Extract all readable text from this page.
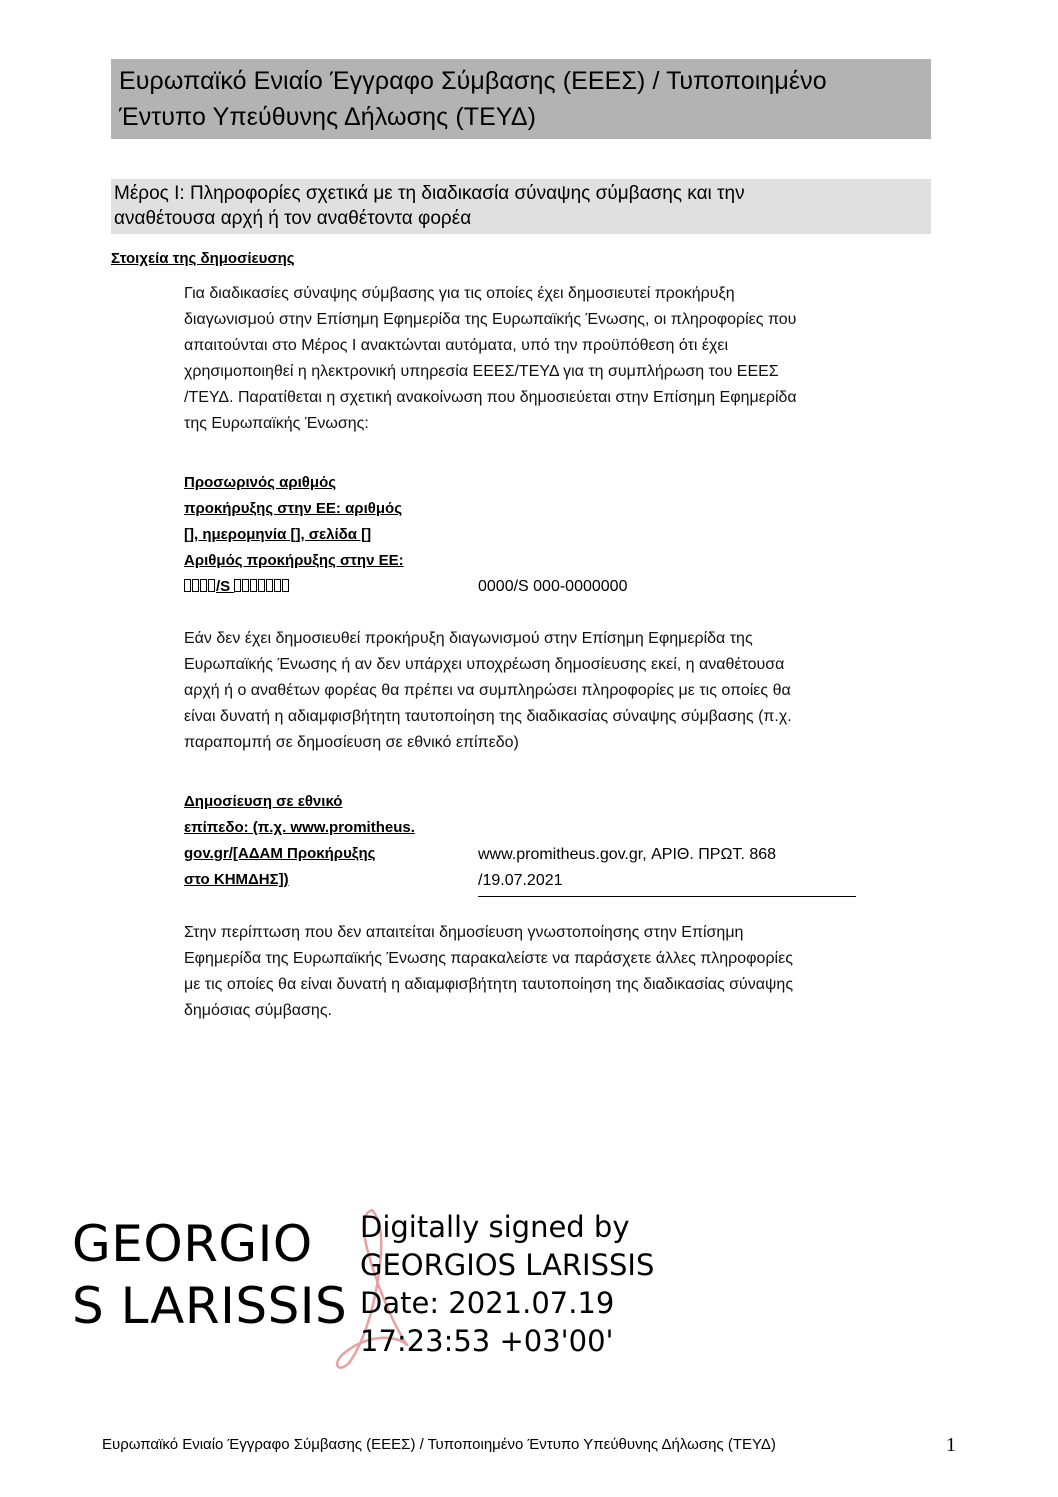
Ευρωπαϊκό Ενιαίο Έγγραφο Σύμβασης (ΕΕΕΣ) / Τυποποιημένο
Έντυπο Υπεύθυνης Δήλωσης (ΤΕΥΔ)
Μέρος Ι: Πληροφορίες σχετικά με τη διαδικασία σύναψης σύμβασης και την
αναθέτουσα αρχή ή τον αναθέτοντα φορέα

Στοιχεία της δημοσίευσης

Για διαδικασίες σύναψης σύμβασης για τις οποίες έχει δημοσιευτεί προκήρυξη
διαγωνισμού στην Επίσημη Εφημερίδα της Ευρωπαϊκής Ένωσης, οι πληροφορίες που
απαιτούνται στο Μέρος Ι ανακτώνται αυτόματα, υπό την προϋπόθεση ότι έχει
χρησιμοποιηθεί η ηλεκτρονική υπηρεσία ΕΕΕΣ/ΤΕΥΔ για τη συμπλήρωση του ΕΕΕΣ
/ΤΕΥΔ. Παρατίθεται η σχετική ανακοίνωση που δημοσιεύεται στην Επίσημη Εφημερίδα
της Ευρωπαϊκής Ένωσης:

Προσωρινός αριθμός
προκήρυξης στην ΕΕ: αριθμός
[], ημερομηνία [], σελίδα []
Αριθμός προκήρυξης στην ΕΕ:
/S	0000/S 000-0000000

Εάν δεν έχει δημοσιευθεί προκήρυξη διαγωνισμού στην Επίσημη Εφημερίδα της
Ευρωπαϊκής Ένωσης ή αν δεν υπάρχει υποχρέωση δημοσίευσης εκεί, η αναθέτουσα
αρχή ή ο αναθέτων φορέας θα πρέπει να συμπληρώσει πληροφορίες με τις οποίες θα
είναι δυνατή η αδιαμφισβήτητη ταυτοποίηση της διαδικασίας σύναψης σύμβασης (π.χ.
παραπομπή σε δημοσίευση σε εθνικό επίπεδο)

Δημοσίευση σε εθνικό
επίπεδο: (π.χ. www.promitheus.
gov.gr/[ΑΔΑΜ Προκήρυξης
στο ΚΗΜΔΗΣ])

www.promitheus.gov.gr, ΑΡΙΘ. ΠΡΩΤ. 868
/19.07.2021

Στην περίπτωση που δεν απαιτείται δημοσίευση γνωστοποίησης στην Επίσημη
Εφημερίδα της Ευρωπαϊκής Ένωσης παρακαλείστε να παράσχετε άλλες πληροφορίες
με τις οποίες θα είναι δυνατή η αδιαμφισβήτητη ταυτοποίηση της διαδικασίας σύναψης
δημόσιας σύμβασης.

GEORGIO
S LARISSIS

Digitally signed by
GEORGIOS LARISSIS
Date: 2021.07.19
17:23:53 +03'00'

Ευρωπαϊκό Ενιαίο Έγγραφο Σύμβασης (ΕΕΕΣ) / Τυποποιημένο Έντυπο Υπεύθυνης Δήλωσης (ΤΕΥΔ)	1
